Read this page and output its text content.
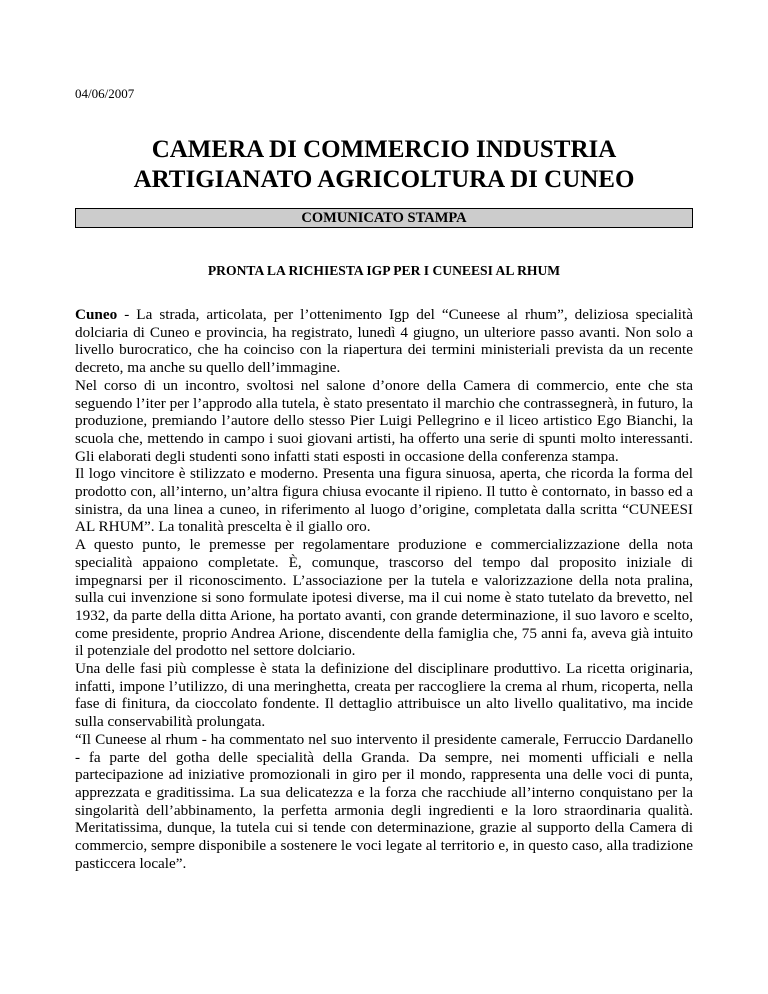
04/06/2007
CAMERA DI COMMERCIO INDUSTRIA
ARTIGIANATO AGRICOLTURA DI CUNEO
COMUNICATO STAMPA
PRONTA LA RICHIESTA IGP PER I CUNEESI AL RHUM

Cuneo - La strada, articolata, per l’ottenimento Igp del “Cuneese al rhum”, deliziosa specialità dolciaria di Cuneo e provincia, ha registrato, lunedì 4 giugno, un ulteriore passo avanti. Non solo a livello burocratico, che ha coinciso con la riapertura dei termini ministeriali prevista da un recente decreto, ma anche su quello dell’immagine.

Nel corso di un incontro, svoltosi nel salone d’onore della Camera di commercio, ente che sta seguendo l’iter per l’approdo alla tutela, è stato presentato il marchio che contrassegnerà, in futuro, la produzione, premiando l’autore dello stesso Pier Luigi Pellegrino e il liceo artistico Ego Bianchi, la scuola che, mettendo in campo i suoi giovani artisti, ha offerto una serie di spunti molto interessanti. Gli elaborati degli studenti sono infatti stati esposti in occasione della conferenza stampa.

Il logo vincitore è stilizzato e moderno. Presenta una figura sinuosa, aperta, che ricorda la forma del prodotto con, all’interno, un’altra figura chiusa evocante il ripieno. Il tutto è contornato, in basso ed a sinistra, da una linea a cuneo, in riferimento al luogo d’origine, completata dalla scritta “CUNEESI AL RHUM”. La tonalità prescelta è il giallo oro.

A questo punto, le premesse per regolamentare produzione e commercializzazione della nota specialità appaiono completate. È, comunque, trascorso del tempo dal proposito iniziale di impegnarsi per il riconoscimento. L’associazione per la tutela e valorizzazione della nota pralina, sulla cui invenzione si sono formulate ipotesi diverse, ma il cui nome è stato tutelato da brevetto, nel 1932, da parte della ditta Arione, ha portato avanti, con grande determinazione, il suo lavoro e scelto, come presidente, proprio Andrea Arione, discendente della famiglia che, 75 anni fa, aveva già intuito il potenziale del prodotto nel settore dolciario.

Una delle fasi più complesse è stata la definizione del disciplinare produttivo. La ricetta originaria, infatti, impone l’utilizzo, di una meringhetta, creata per raccogliere la crema al rhum, ricoperta, nella fase di finitura, da cioccolato fondente. Il dettaglio attribuisce un alto livello qualitativo, ma incide sulla conservabilità prolungata.

“Il Cuneese al rhum - ha commentato nel suo intervento il presidente camerale, Ferruccio Dardanello - fa parte del gotha delle specialità della Granda. Da sempre, nei momenti ufficiali e nella partecipazione ad iniziative promozionali in giro per il mondo, rappresenta una delle voci di punta, apprezzata e graditissima. La sua delicatezza e la forza che racchiude all’interno conquistano per la singolarità dell’abbinamento, la perfetta armonia degli ingredienti e la loro straordinaria qualità. Meritatissima, dunque, la tutela cui si tende con determinazione, grazie al supporto della Camera di commercio, sempre disponibile a sostenere le voci legate al territorio e, in questo caso, alla tradizione pasticcera locale”.
